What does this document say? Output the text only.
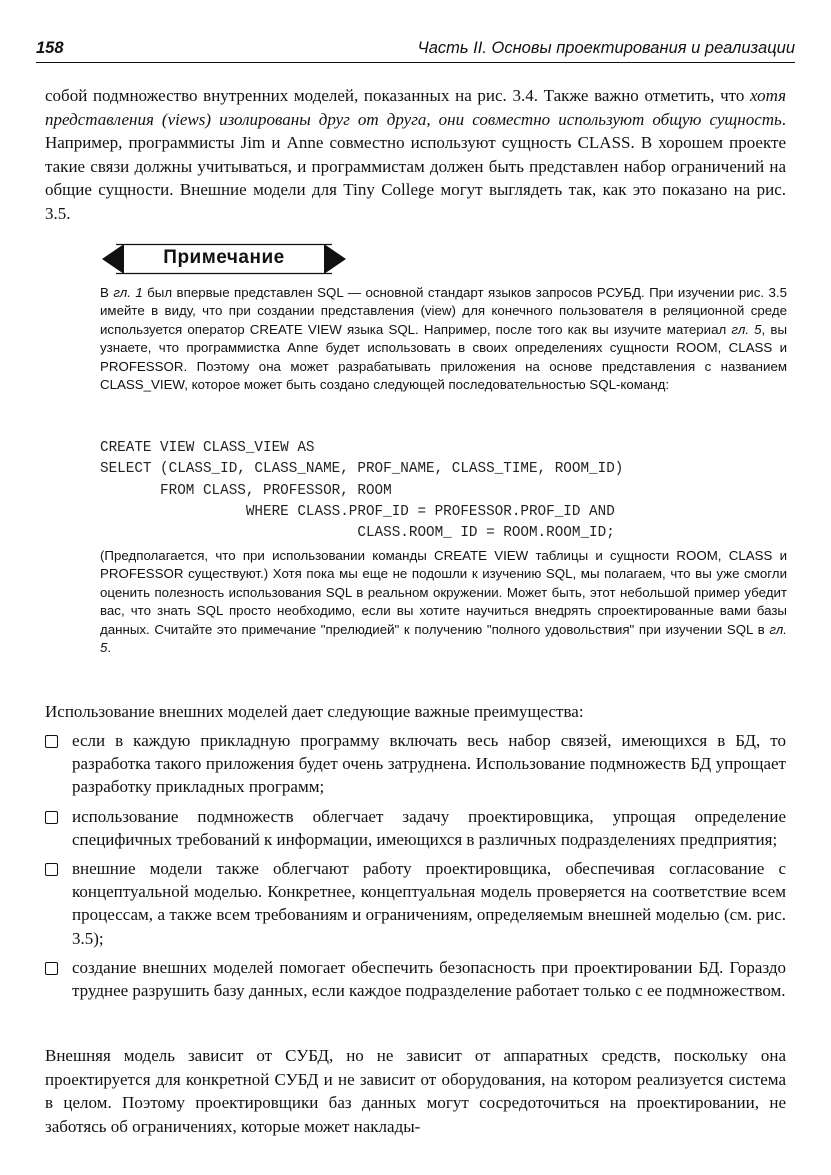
158	Часть II. Основы проектирования и реализации

собой подмножество внутренних моделей, показанных на рис. 3.4. Также важно отметить, что хотя представления (views) изолированы друг от друга, они совместно используют общую сущность. Например, программисты Jim и Anne совместно используют сущность CLASS. В хорошем проекте такие связи должны учитываться, и программистам должен быть представлен набор ограничений на общие сущности. Внешние модели для Tiny College могут выглядеть так, как это показано на рис. 3.5.

Примечание

В гл. 1 был впервые представлен SQL — основной стандарт языков запросов РСУБД. При изучении рис. 3.5 имейте в виду, что при создании представления (view) для конечного пользователя в реляционной среде используется оператор CREATE VIEW языка SQL. Например, после того как вы изучите материал гл. 5, вы узнаете, что программистка Anne будет использовать в своих определениях сущности ROOM, CLASS и PROFESSOR. Поэтому она может разрабатывать приложения на основе представления с названием CLASS_VIEW, которое может быть создано следующей последовательностью SQL-команд:

CREATE VIEW CLASS_VIEW AS
SELECT (CLASS_ID, CLASS_NAME, PROF_NAME, CLASS_TIME, ROOM_ID)
FROM CLASS, PROFESSOR, ROOM
WHERE CLASS.PROF_ID = PROFESSOR.PROF_ID AND
CLASS.ROOM_ ID = ROOM.ROOM_ID;

(Предполагается, что при использовании команды CREATE VIEW таблицы и сущности ROOM, CLASS и PROFESSOR существуют.) Хотя пока мы еще не подошли к изучению SQL, мы полагаем, что вы уже смогли оценить полезность использования SQL в реальном окружении. Может быть, этот небольшой пример убедит вас, что знать SQL просто необходимо, если вы хотите научиться внедрять спроектированные вами базы данных. Считайте это примечание "прелюдией" к получению "полного удовольствия" при изучении SQL в гл. 5.

Использование внешних моделей дает следующие важные преимущества:

если в каждую прикладную программу включать весь набор связей, имеющихся в БД, то разработка такого приложения будет очень затруднена. Использование подмножеств БД упрощает разработку прикладных программ;

использование подмножеств облегчает задачу проектировщика, упрощая определение специфичных требований к информации, имеющихся в различных подразделениях предприятия;

внешние модели также облегчают работу проектировщика, обеспечивая согласование с концептуальной моделью. Конкретнее, концептуальная модель проверяется на соответствие всем процессам, а также всем требованиям и ограничениям, определяемым внешней моделью (см. рис. 3.5);

создание внешних моделей помогает обеспечить безопасность при проектировании БД. Гораздо труднее разрушить базу данных, если каждое подразделение работает только с ее подмножеством.

Внешняя модель зависит от СУБД, но не зависит от аппаратных средств, поскольку она проектируется для конкретной СУБД и не зависит от оборудования, на котором реализуется система в целом. Поэтому проектировщики баз данных могут сосредоточиться на проектировании, не заботясь об ограничениях, которые может наклады-
